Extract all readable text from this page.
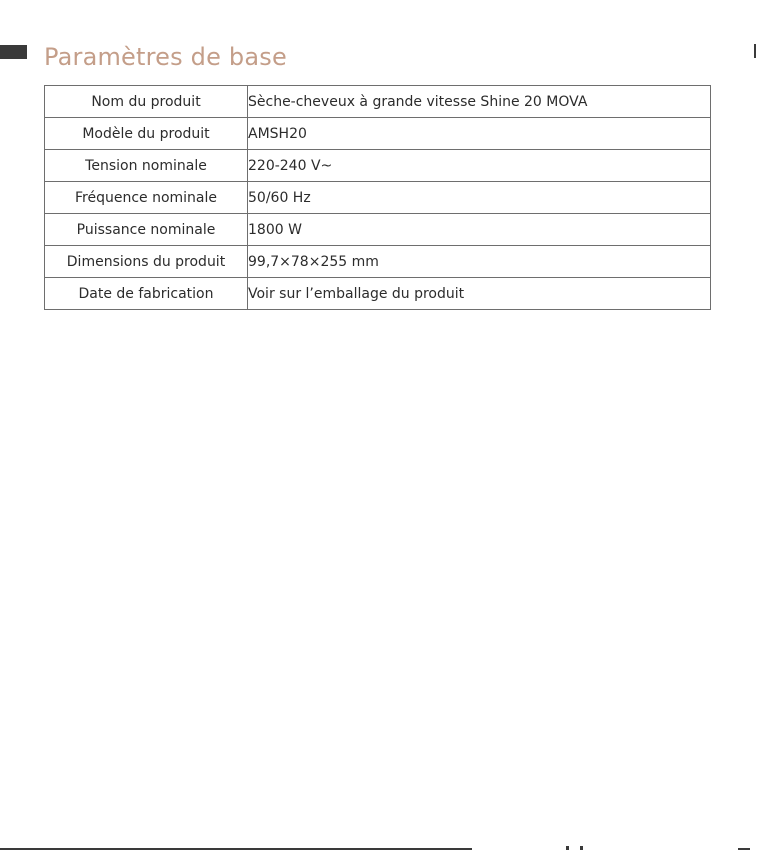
Paramètres de base
Nom du produit	Sèche-cheveux à grande vitesse Shine 20 MOVA
Modèle du produit	AMSH20
Tension nominale	220-240 V~
Fréquence nominale	50/60 Hz
Puissance nominale	1800 W
Dimensions du produit	99,7×78×255 mm
Date de fabrication	Voir sur l’emballage du produit
